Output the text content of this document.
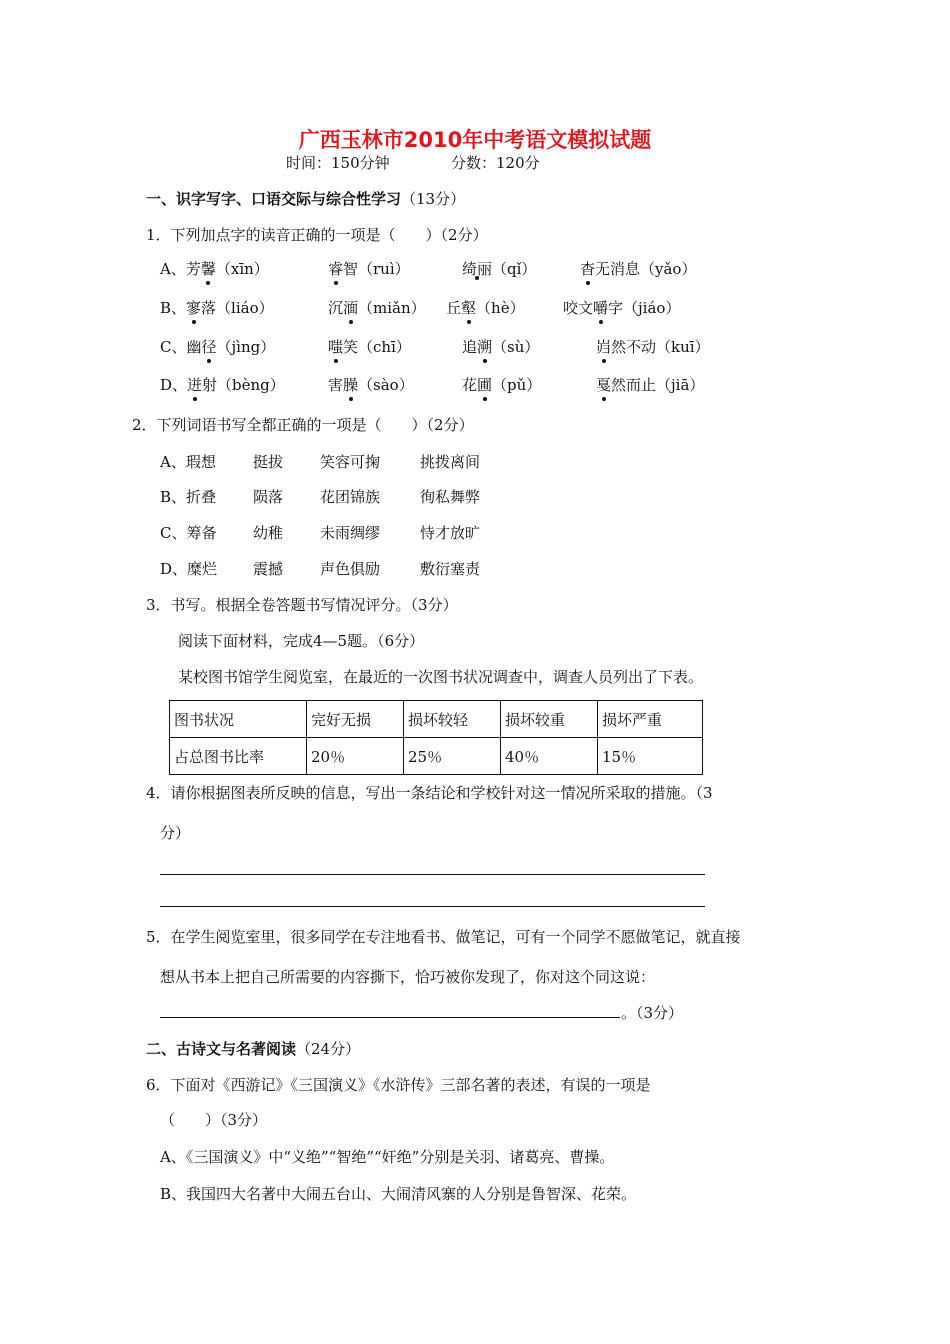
广西玉林市2010年中考语文模拟试题
时间：150分钟	分数：120分
一、识字写字、口语交际与综合性学习（13分）
1．下列加点字的读音正确的一项是（　　）（2分）
A、芳馨（xīn）	睿智（ruì）	绮丽（qǐ）	杳无消息（yǎo）
B、寥落（liáo）	沉湎（miǎn） 丘壑（hè）	咬文嚼字（jiáo）
C、幽径（jìng）	嗤笑（chī）	追溯（sù）	岿然不动（kuī）
D、迸射（bèng）	害臊（sào）	花圃（pǔ）	戛然而止（jiā）
2．下列词语书写全都正确的一项是（　　）（2分）
A、瑕想 挺拔 笑容可掬	挑拨离间
B、折叠 陨落 花团锦族	徇私舞弊
C、筹备 幼稚 未雨绸缪	恃才放旷
D、糜烂 震撼 声色俱励	敷衍塞责
3．书写。根据全卷答题书写情况评分。（3分）
阅读下面材料，完成4—5题。（6分）
某校图书馆学生阅览室，在最近的一次图书状况调查中，调查人员列出了下表。
图书状况	完好无损	损坏较轻	损坏较重	损坏严重
占总图书比率	20％	25％	40％	15％
4．请你根据图表所反映的信息，写出一条结论和学校针对这一情况所采取的措施。（3
分）
5．在学生阅览室里，很多同学在专注地看书、做笔记，可有一个同学不愿做笔记，就直接
想从书本上把自己所需要的内容撕下，恰巧被你发现了，你对这个同这说：
。（3分）
二、古诗文与名著阅读（24分）
6．下面对《西游记》《三国演义》《水浒传》三部名著的表述，有误的一项是
（　　）（3分）
A、《三国演义》中“义绝”“智绝”“奸绝”分别是关羽、诸葛亮、曹操。
B、我国四大名著中大闹五台山、大闹清风寨的人分别是鲁智深、花荣。
